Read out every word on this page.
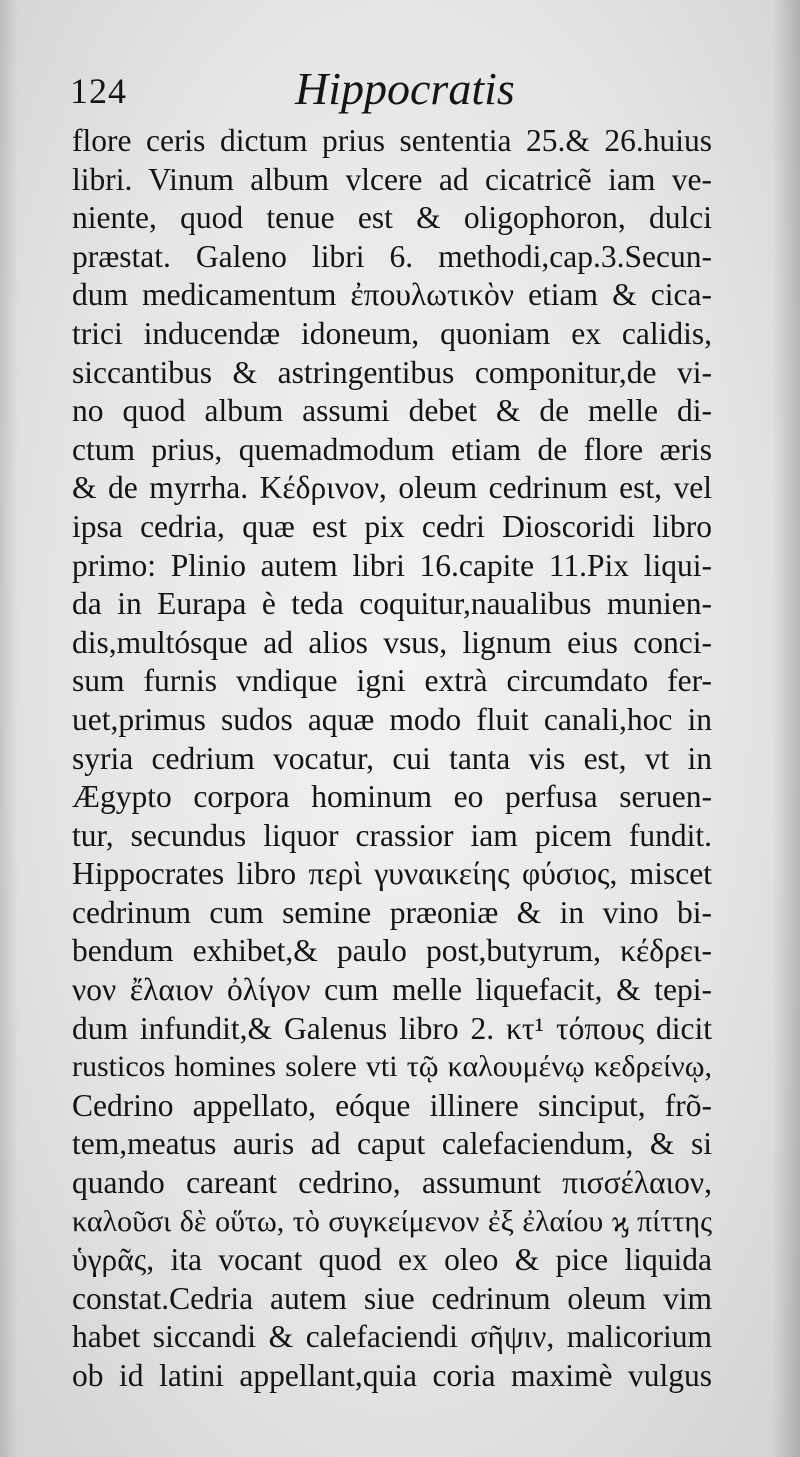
124	Hippocratis
flore ceris dictum prius sententia 25.& 26.huius
libri. Vinum album vlcere ad cicatricẽ iam ve-
niente, quod tenue est & oligophoron, dulci
præstat. Galeno libri 6. methodi,cap.3.Secun-
dum medicamentum ἐπουλωτικὸν etiam & cica-
trici inducendæ idoneum, quoniam ex calidis,
siccantibus & astringentibus componitur,de vi-
no quod album assumi debet & de melle di-
ctum prius, quemadmodum etiam de flore æris
& de myrrha. Κέδρινον, oleum cedrinum est, vel
ipsa cedria, quæ est pix cedri Dioscoridi libro
primo: Plinio autem libri 16.capite 11.Pix liqui-
da in Eurapa è teda coquitur,naualibus munien-
dis,multósque ad alios vsus, lignum eius conci-
sum furnis vndique igni extrà circumdato fer-
uet,primus sudos aquæ modo fluit canali,hoc in
syria cedrium vocatur, cui tanta vis est, vt in
Ægypto corpora hominum eo perfusa seruen-
tur, secundus liquor crassior iam picem fundit.
Hippocrates libro περὶ γυναικείης φύσιος, miscet
cedrinum cum semine præoniæ & in vino bi-
bendum exhibet,& paulo post,butyrum, κέδρει-
νον ἔλαιον ὀλίγον cum melle liquefacit, & tepi-
dum infundit,& Galenus libro 2. κτ¹ τόπους dicit
rusticos homines solere vti τῷ καλουμένῳ κεδρείνῳ,
Cedrino appellato, eóque illinere sinciput, frõ-
tem,meatus auris ad caput calefaciendum, & si
quando careant cedrino, assumunt πισσέλαιον,
καλοῦσι δὲ οὕτω, τὸ συγκείμενον ἐξ ἐλαίου ϗ πίττης
ὑγρᾶς, ita vocant quod ex oleo & pice liquida
constat.Cedria autem siue cedrinum oleum vim
habet siccandi & calefaciendi σῆψιν, malicorium
ob id latini appellant,quia coria maximè vulgus
